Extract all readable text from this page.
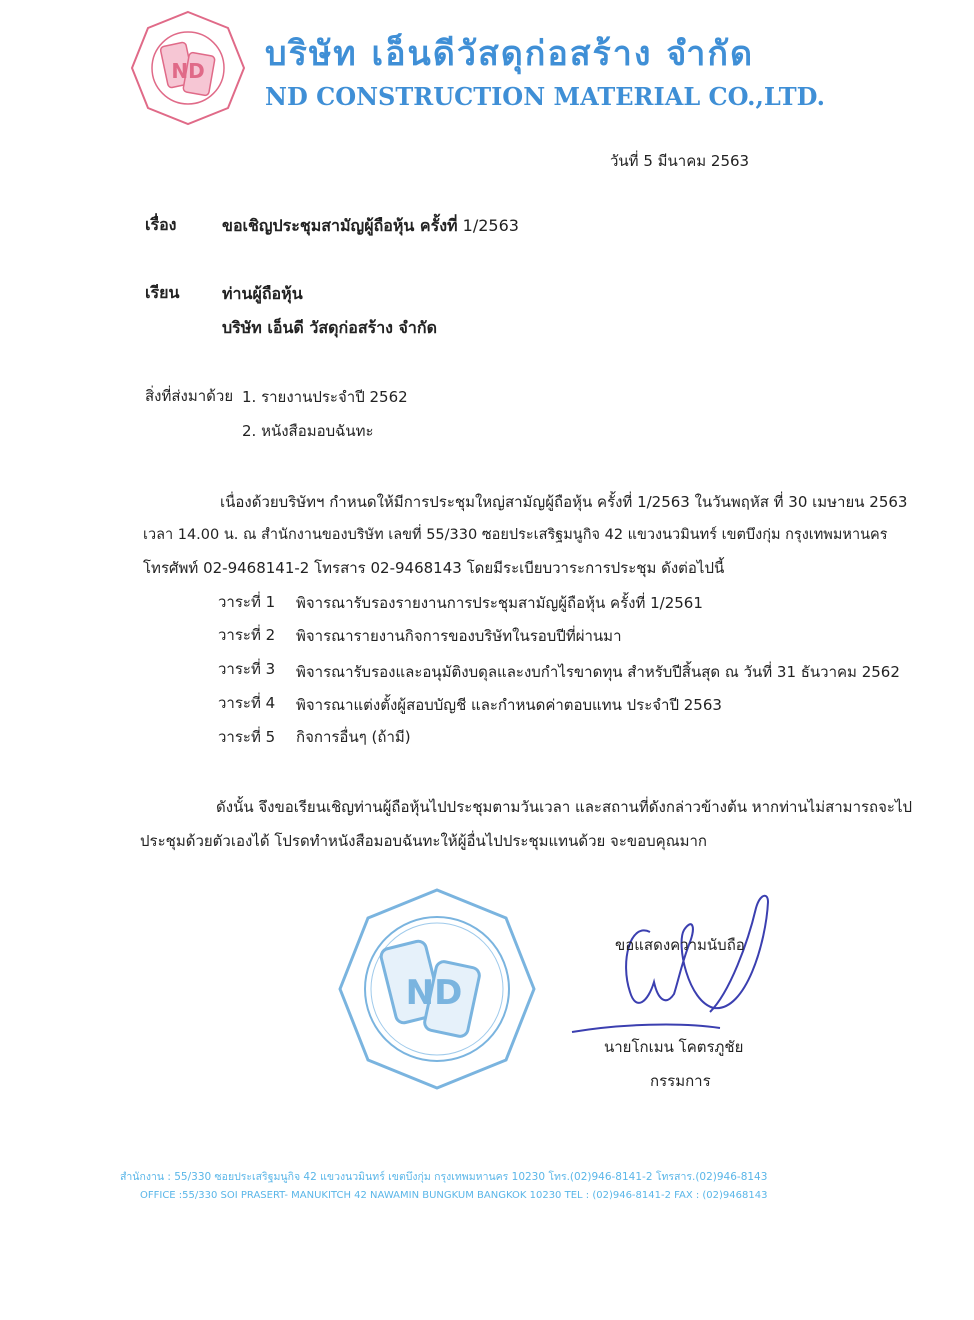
ND บริษัท เอ็นดีวัสดุก่อสร้าง จำกัด
ND CONSTRUCTION MATERIAL CO.,LTD.
วันที่ 5 มีนาคม 2563
เรื่อง	ขอเชิญประชุมสามัญผู้ถือหุ้น ครั้งที่ 1/2563
เรียน	ท่านผู้ถือหุ้น
บริษัท เอ็นดี วัสดุก่อสร้าง จำกัด
สิ่งที่ส่งมาด้วย 1. รายงานประจำปี 2562
2. หนังสือมอบฉันทะ
เนื่องด้วยบริษัทฯ กำหนดให้มีการประชุมใหญ่สามัญผู้ถือหุ้น ครั้งที่ 1/2563 ในวันพฤหัส ที่ 30 เมษายน 2563
เวลา 14.00 น. ณ สำนักงานของบริษัท เลขที่ 55/330 ซอยประเสริฐมนูกิจ 42 แขวงนวมินทร์ เขตบึงกุ่ม กรุงเทพมหานคร
โทรศัพท์ 02-9468141-2 โทรสาร 02-9468143 โดยมีระเบียบวาระการประชุม ดังต่อไปนี้
วาระที่ 1 พิจารณารับรองรายงานการประชุมสามัญผู้ถือหุ้น ครั้งที่ 1/2561
วาระที่ 2 พิจารณารายงานกิจการของบริษัทในรอบปีที่ผ่านมา
วาระที่ 3 พิจารณารับรองและอนุมัติงบดุลและงบกำไรขาดทุน สำหรับปีสิ้นสุด ณ วันที่ 31 ธันวาคม 2562
วาระที่ 4 พิจารณาแต่งตั้งผู้สอบบัญชี และกำหนดค่าตอบแทน ประจำปี 2563
วาระที่ 5 กิจการอื่นๆ (ถ้ามี)
ดังนั้น จึงขอเรียนเชิญท่านผู้ถือหุ้นไปประชุมตามวันเวลา และสถานที่ดังกล่าวข้างต้น หากท่านไม่สามารถจะไป
ประชุมด้วยตัวเองได้ โปรดทำหนังสือมอบฉันทะให้ผู้อื่นไปประชุมแทนด้วย จะขอบคุณมาก
ND
ขอแสดงความนับถือ
นายโกเมน โคตรภูชัย
กรรมการ
สำนักงาน : 55/330 ซอยประเสริฐมนูกิจ 42 แขวงนวมินทร์ เขตบึงกุ่ม กรุงเทพมหานคร 10230 โทร.(02)946-8141-2 โทรสาร.(02)946-8143
OFFICE :55/330 SOI PRASERT- MANUKITCH 42 NAWAMIN BUNGKUM BANGKOK 10230 TEL : (02)946-8141-2 FAX : (02)9468143
